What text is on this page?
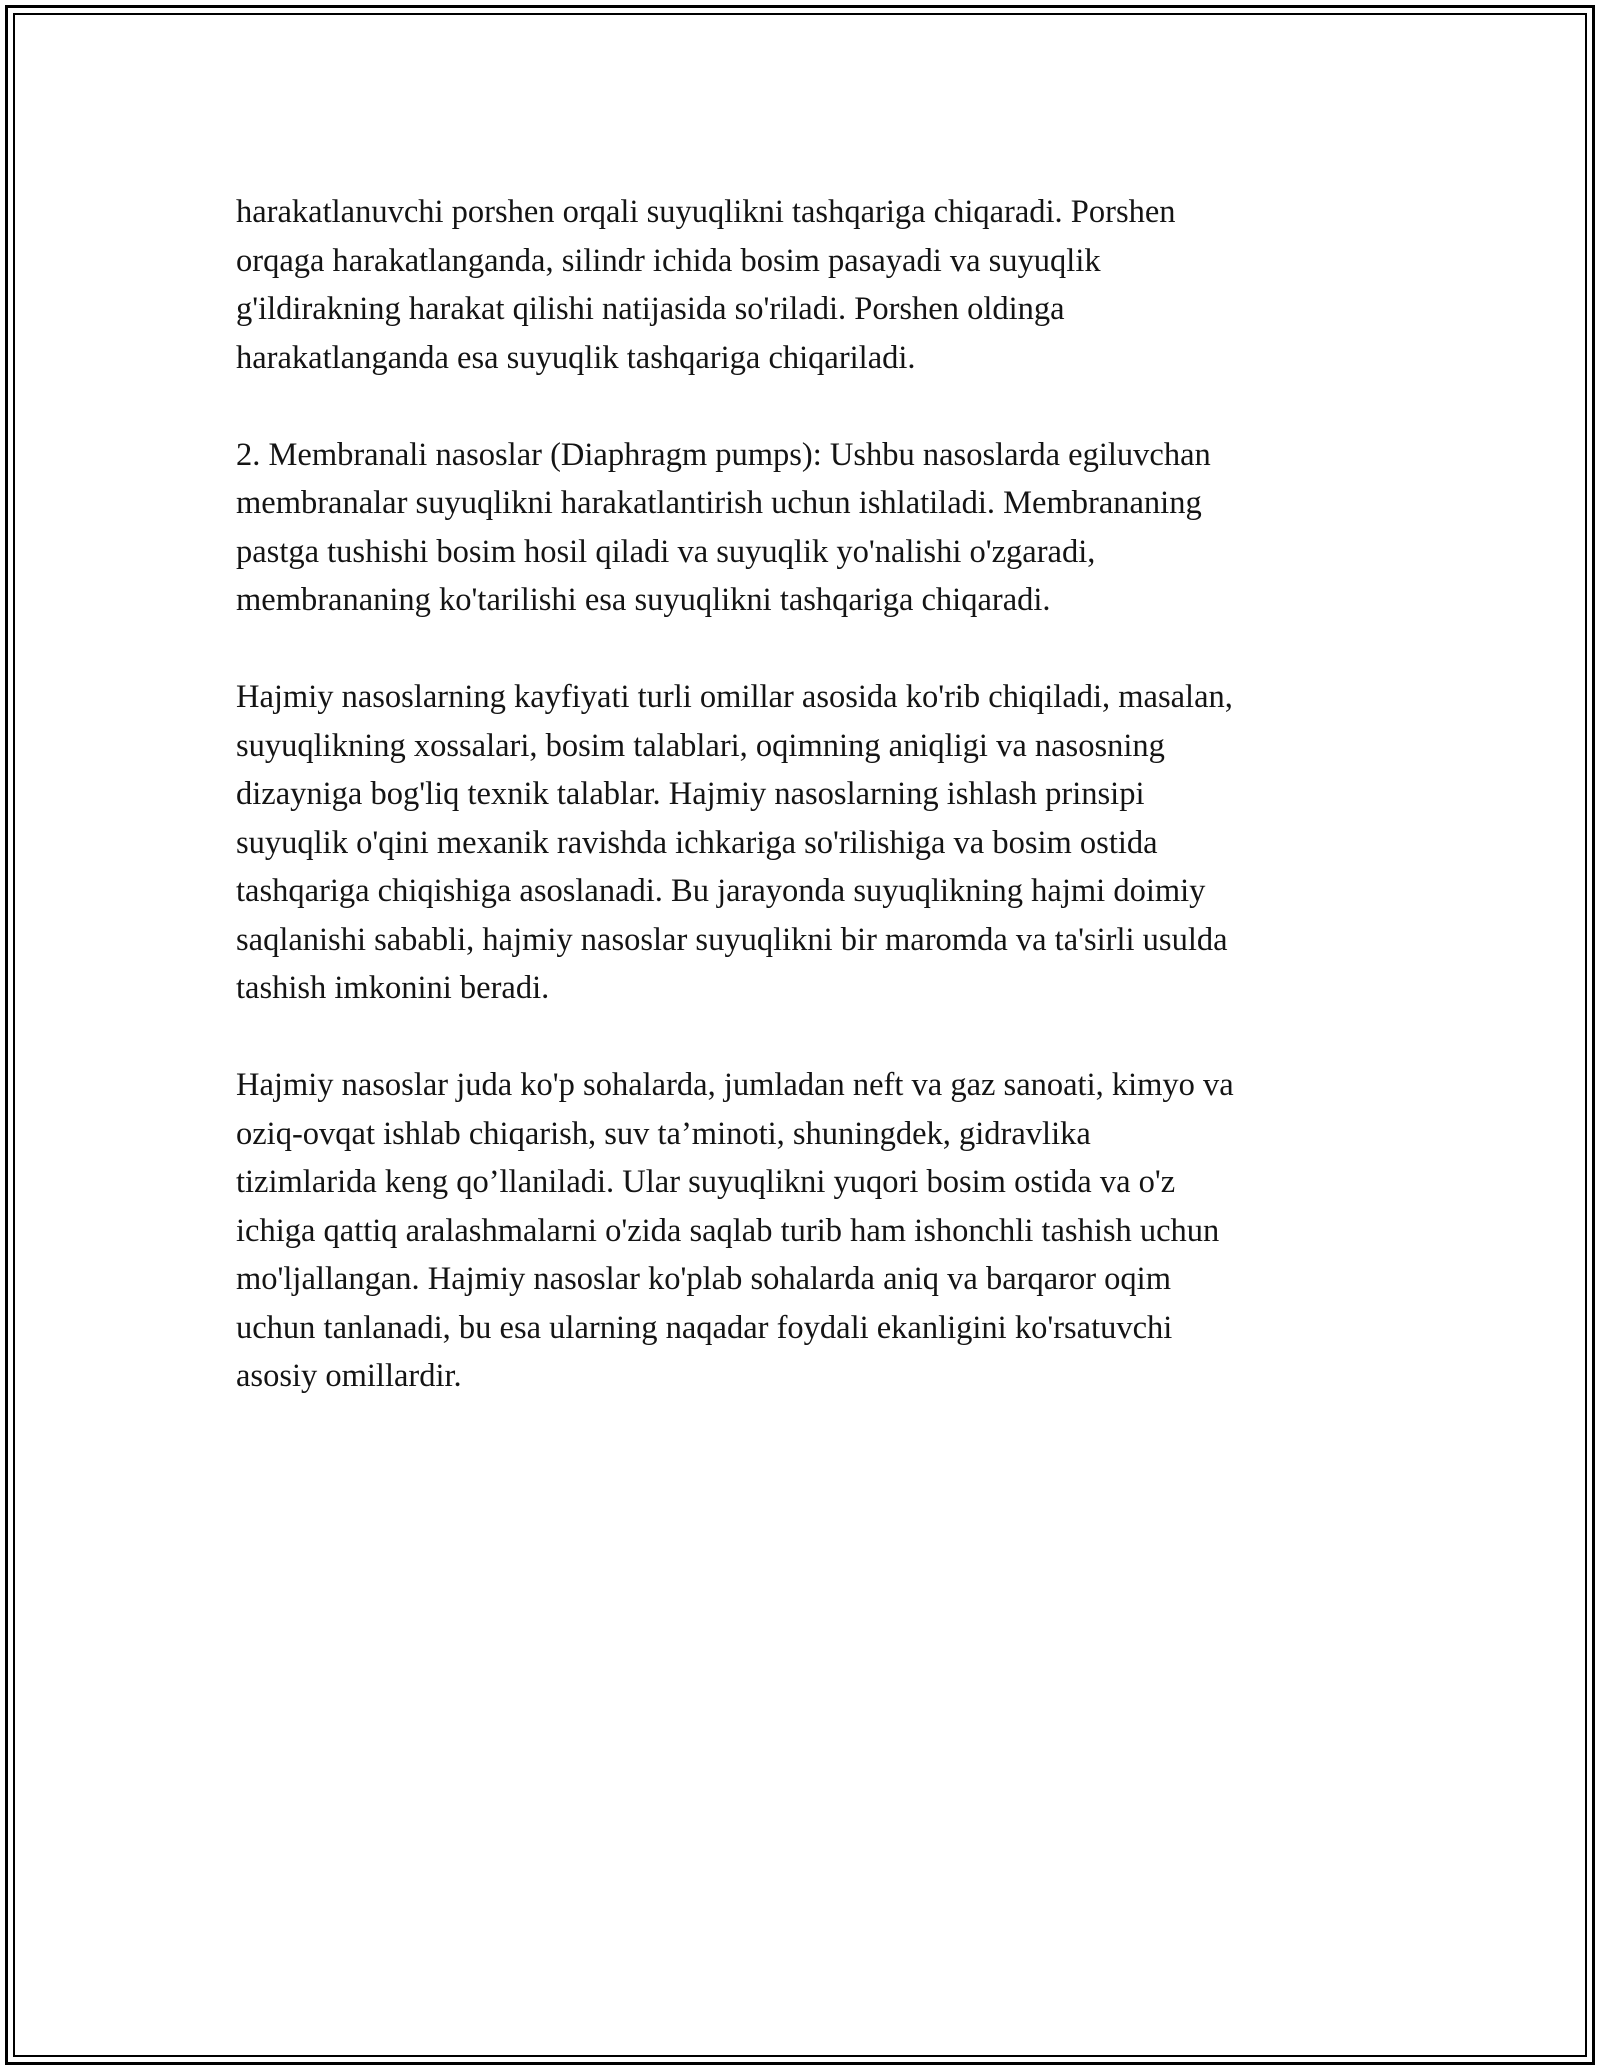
harakatlanuvchi porshen orqali suyuqlikni tashqariga chiqaradi. Porshen
orqaga harakatlanganda, silindr ichida bosim pasayadi va suyuqlik
g'ildirakning harakat qilishi natijasida so'riladi. Porshen oldinga
harakatlanganda esa suyuqlik tashqariga chiqariladi.

2. Membranali nasoslar (Diaphragm pumps): Ushbu nasoslarda egiluvchan
membranalar suyuqlikni harakatlantirish uchun ishlatiladi. Membrananing
pastga tushishi bosim hosil qiladi va suyuqlik yo'nalishi o'zgaradi,
membrananing ko'tarilishi esa suyuqlikni tashqariga chiqaradi.

Hajmiy nasoslarning kayfiyati turli omillar asosida ko'rib chiqiladi, masalan,
suyuqlikning xossalari, bosim talablari, oqimning aniqligi va nasosning
dizayniga bog'liq texnik talablar. Hajmiy nasoslarning ishlash prinsipi
suyuqlik o'qini mexanik ravishda ichkariga so'rilishiga va bosim ostida
tashqariga chiqishiga asoslanadi. Bu jarayonda suyuqlikning hajmi doimiy
saqlanishi sababli, hajmiy nasoslar suyuqlikni bir maromda va ta'sirli usulda
tashish imkonini beradi.

Hajmiy nasoslar juda ko'p sohalarda, jumladan neft va gaz sanoati, kimyo va
oziq-ovqat ishlab chiqarish, suv ta’minoti, shuningdek, gidravlika
tizimlarida keng qo’llaniladi. Ular suyuqlikni yuqori bosim ostida va o'z
ichiga qattiq aralashmalarni o'zida saqlab turib ham ishonchli tashish uchun
mo'ljallangan. Hajmiy nasoslar ko'plab sohalarda aniq va barqaror oqim
uchun tanlanadi, bu esa ularning naqadar foydali ekanligini ko'rsatuvchi
asosiy omillardir.
